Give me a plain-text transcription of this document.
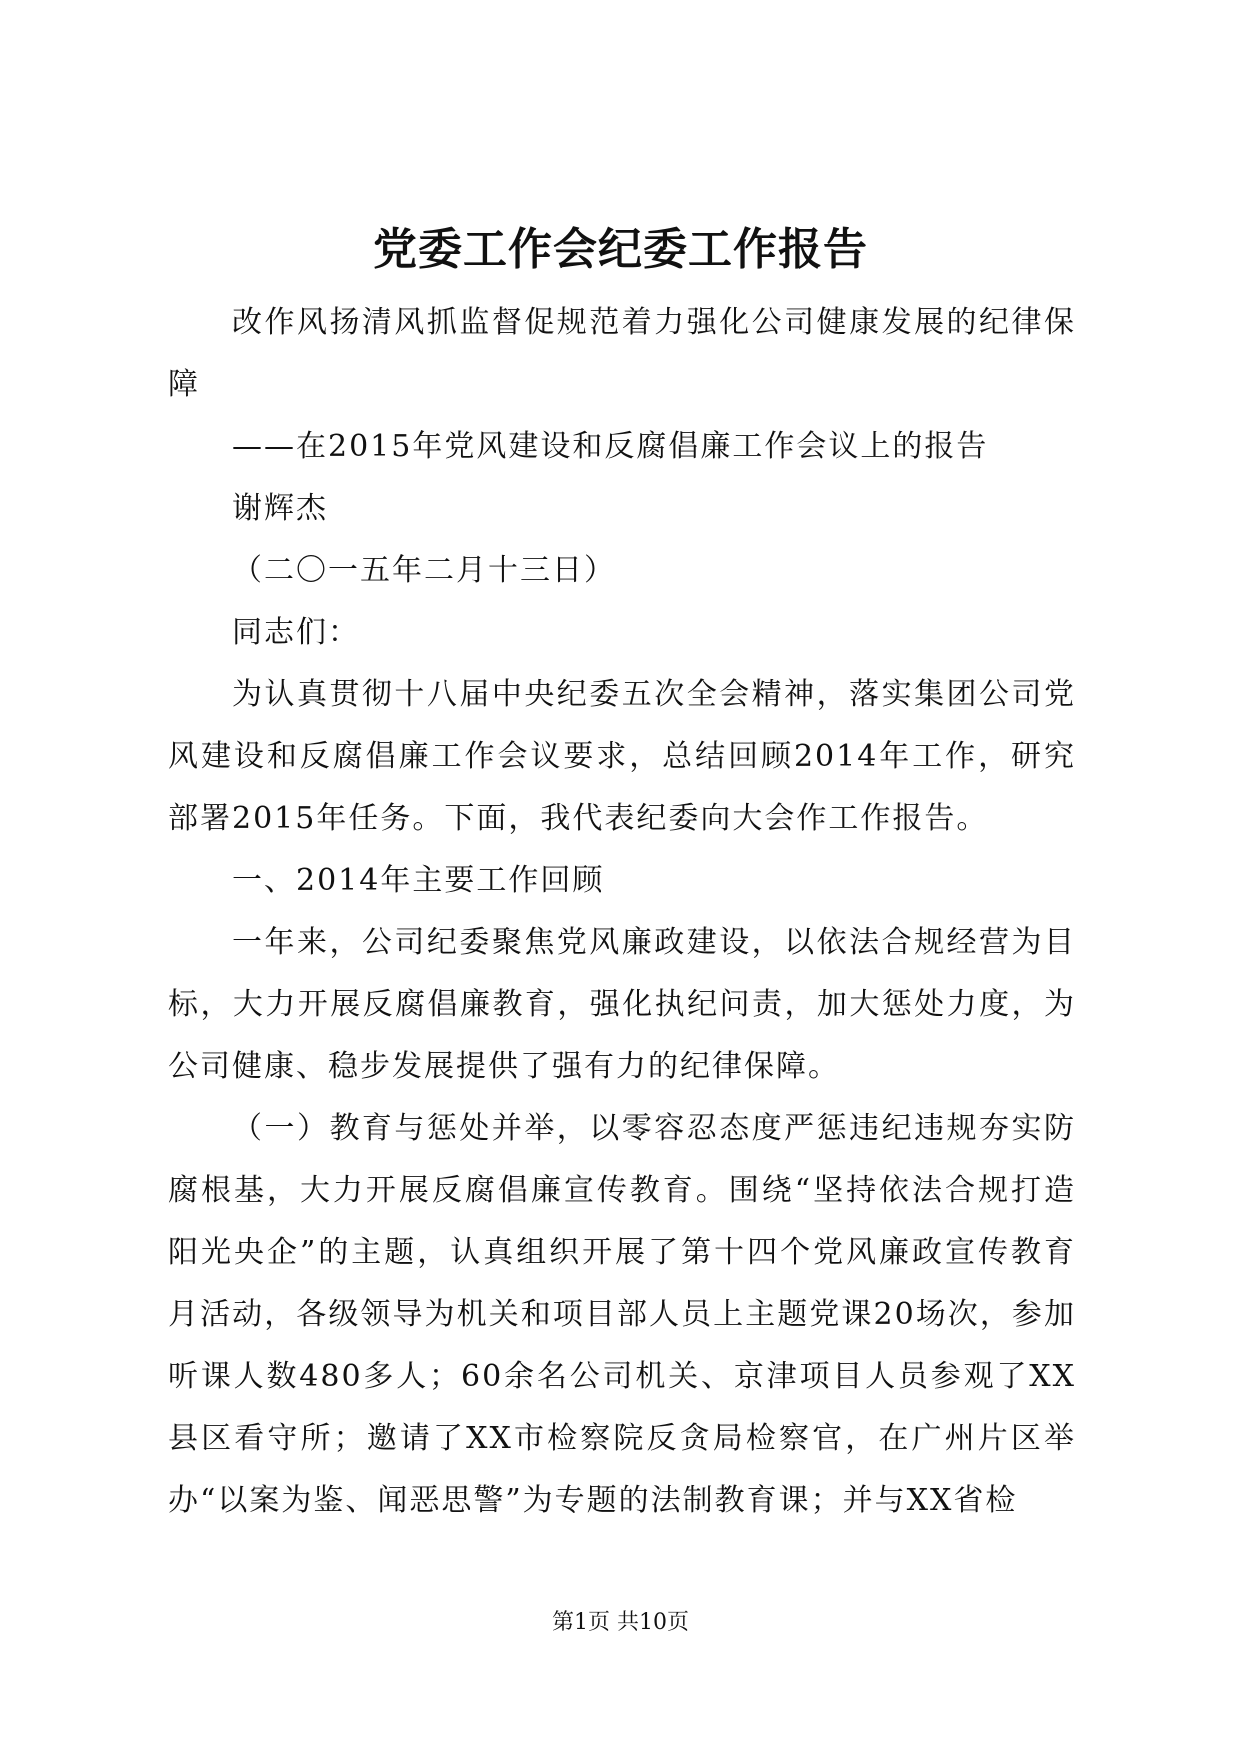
党委工作会纪委工作报告

改作风扬清风抓监督促规范着力强化公司健康发展的纪律保障

——在2015年党风建设和反腐倡廉工作会议上的报告

谢辉杰

（二〇一五年二月十三日）

同志们：

为认真贯彻十八届中央纪委五次全会精神，落实集团公司党风建设和反腐倡廉工作会议要求，总结回顾2014年工作，研究部署2015年任务。下面，我代表纪委向大会作工作报告。

一、2014年主要工作回顾

一年来，公司纪委聚焦党风廉政建设，以依法合规经营为目标，大力开展反腐倡廉教育，强化执纪问责，加大惩处力度，为公司健康、稳步发展提供了强有力的纪律保障。

（一）教育与惩处并举，以零容忍态度严惩违纪违规夯实防腐根基，大力开展反腐倡廉宣传教育。围绕“坚持依法合规打造阳光央企”的主题，认真组织开展了第十四个党风廉政宣传教育月活动，各级领导为机关和项目部人员上主题党课20场次，参加听课人数480多人；60余名公司机关、京津项目人员参观了XX县区看守所；邀请了XX市检察院反贪局检察官，在广州片区举办“以案为鉴、闻恶思警”为专题的法制教育课；并与XX省检

第1页 共10页
